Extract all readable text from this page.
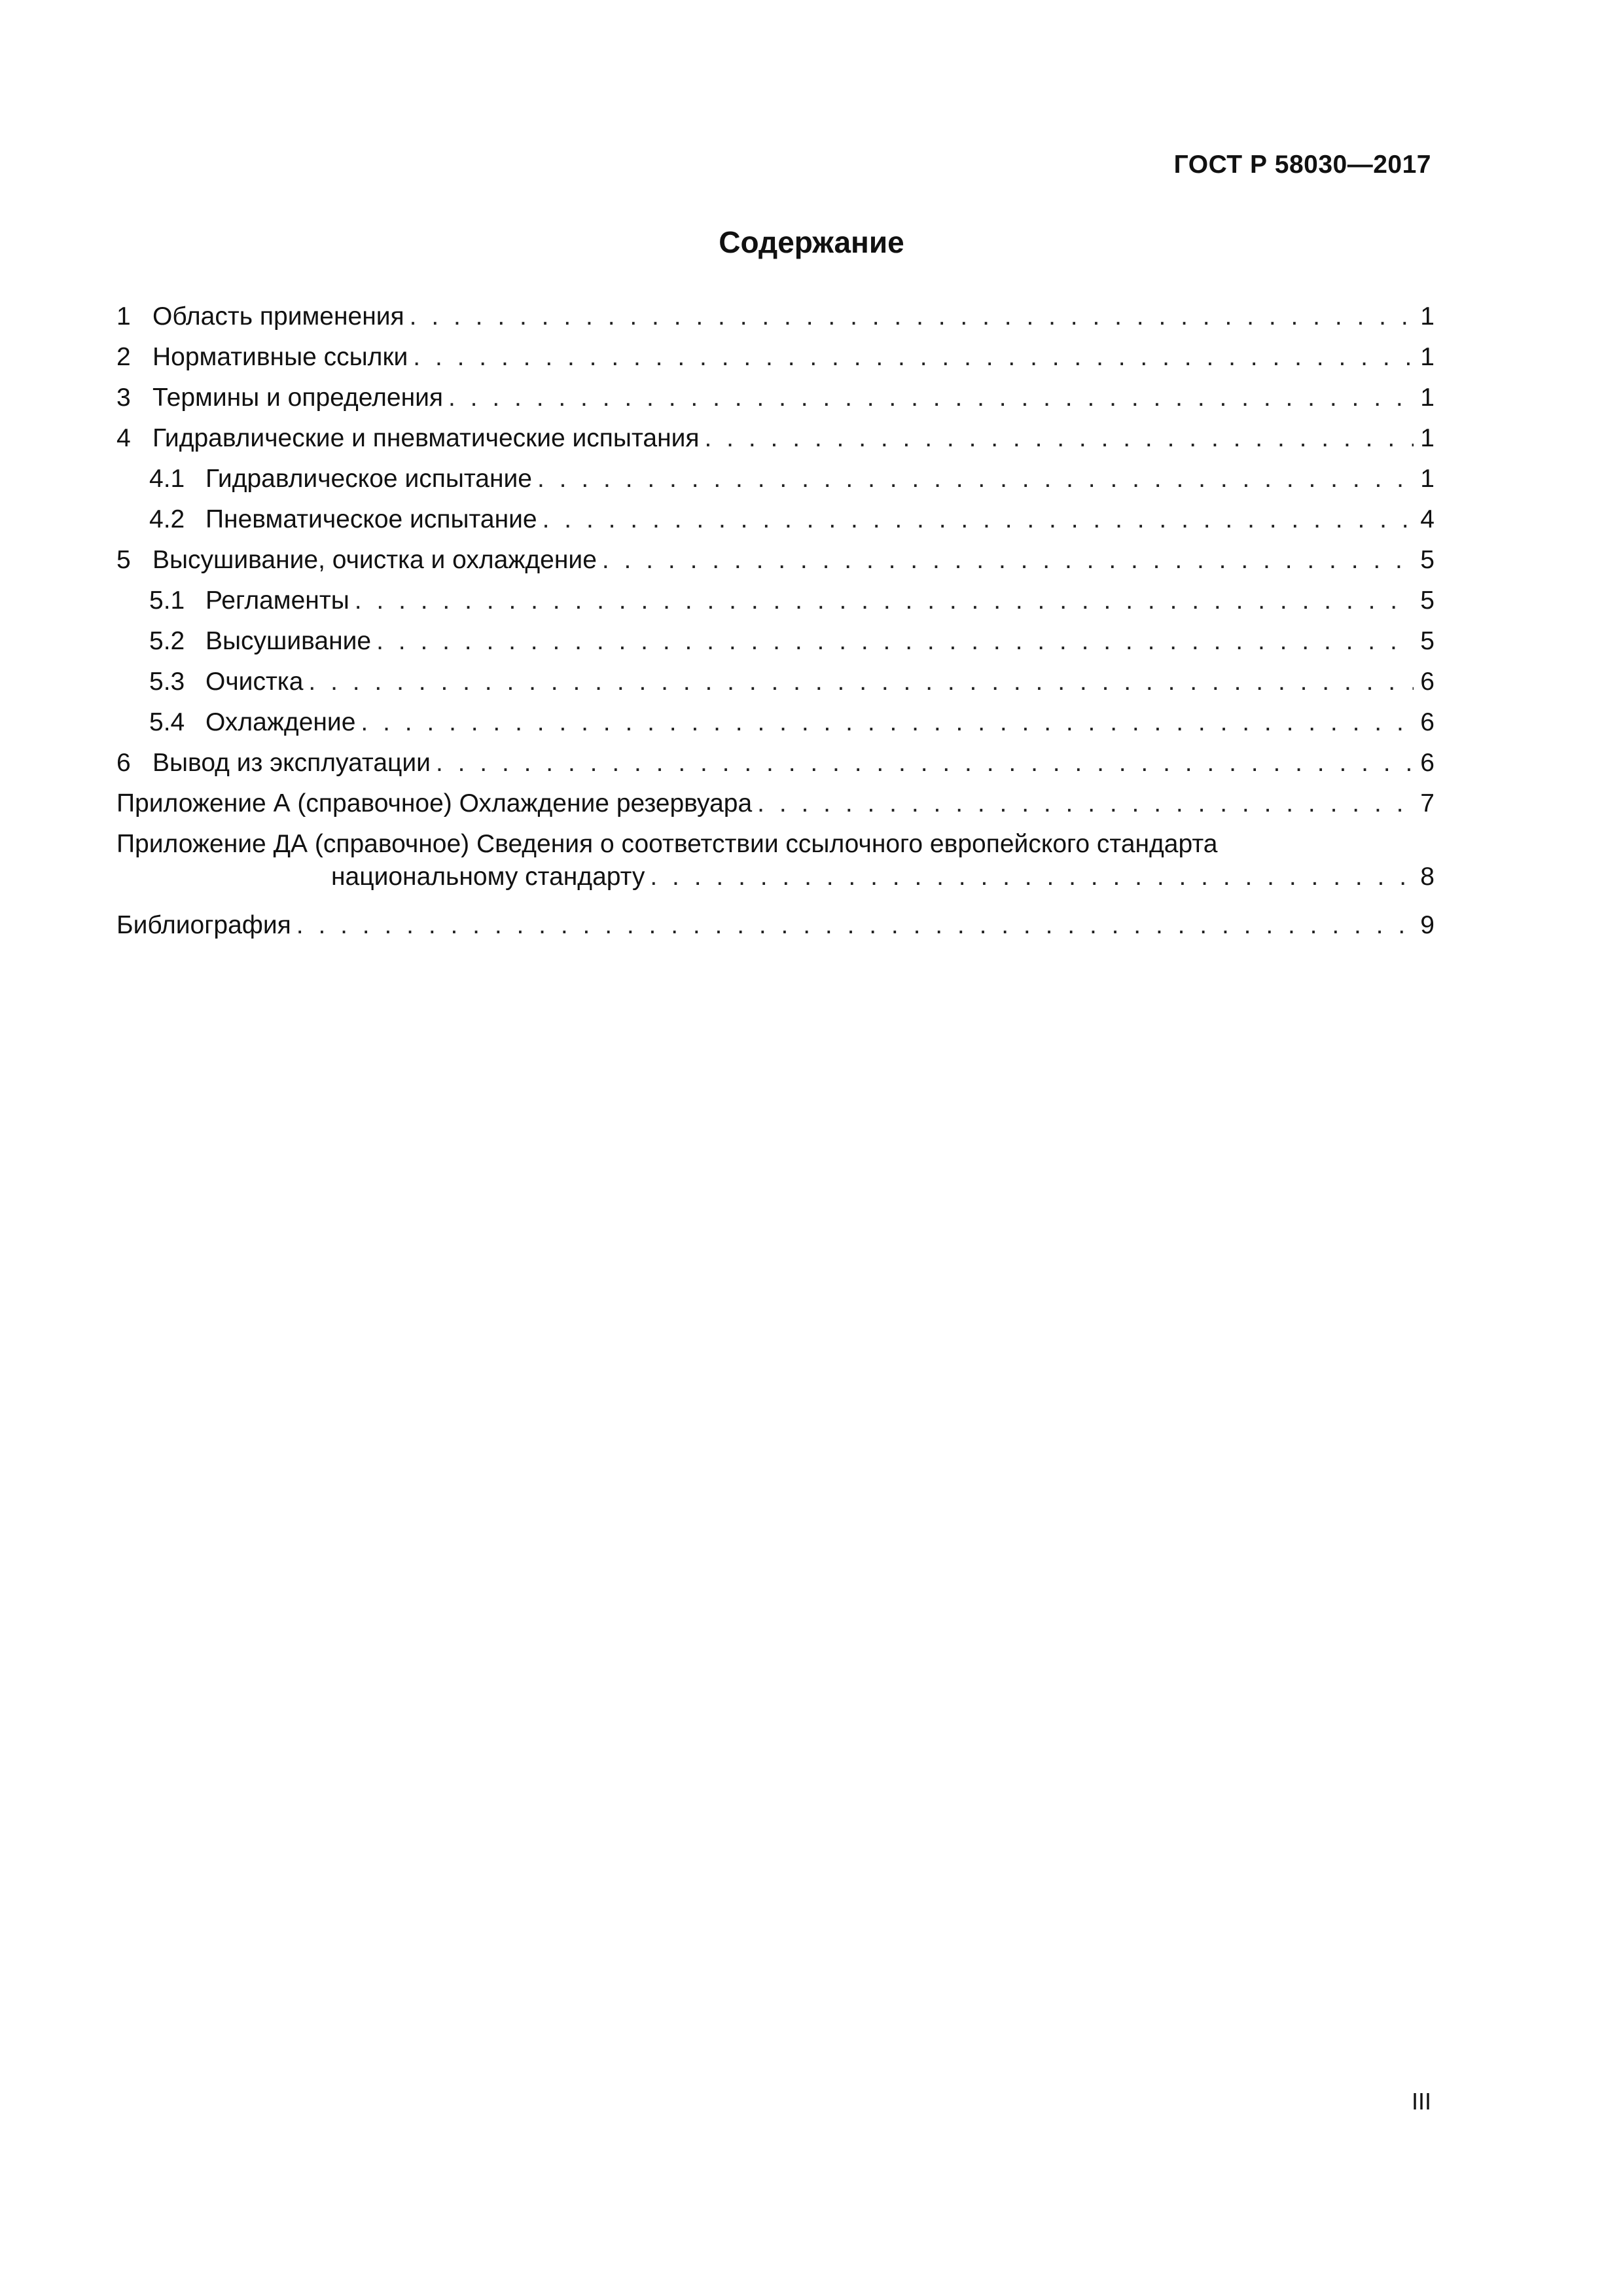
ГОСТ Р 58030—2017
Содержание
1 Область применения . . .	1
2 Нормативные ссылки . . .	1
3 Термины и определения . . .	1
4 Гидравлические и пневматические испытания . . .	1
4.1 Гидравлическое испытание . . .	1
4.2 Пневматическое испытание . . .	4
5 Высушивание, очистка и охлаждение . . .	5
5.1 Регламенты . . .	5
5.2 Высушивание . . .	5
5.3 Очистка . . .	6
5.4 Охлаждение . . .	6
6 Вывод из эксплуатации . . .	6
Приложение А (справочное) Охлаждение резервуара . . .	7
Приложение ДА (справочное) Сведения о соответствии ссылочного европейского стандарта
национальному стандарту . . .	8
Библиография . . .	9
III
